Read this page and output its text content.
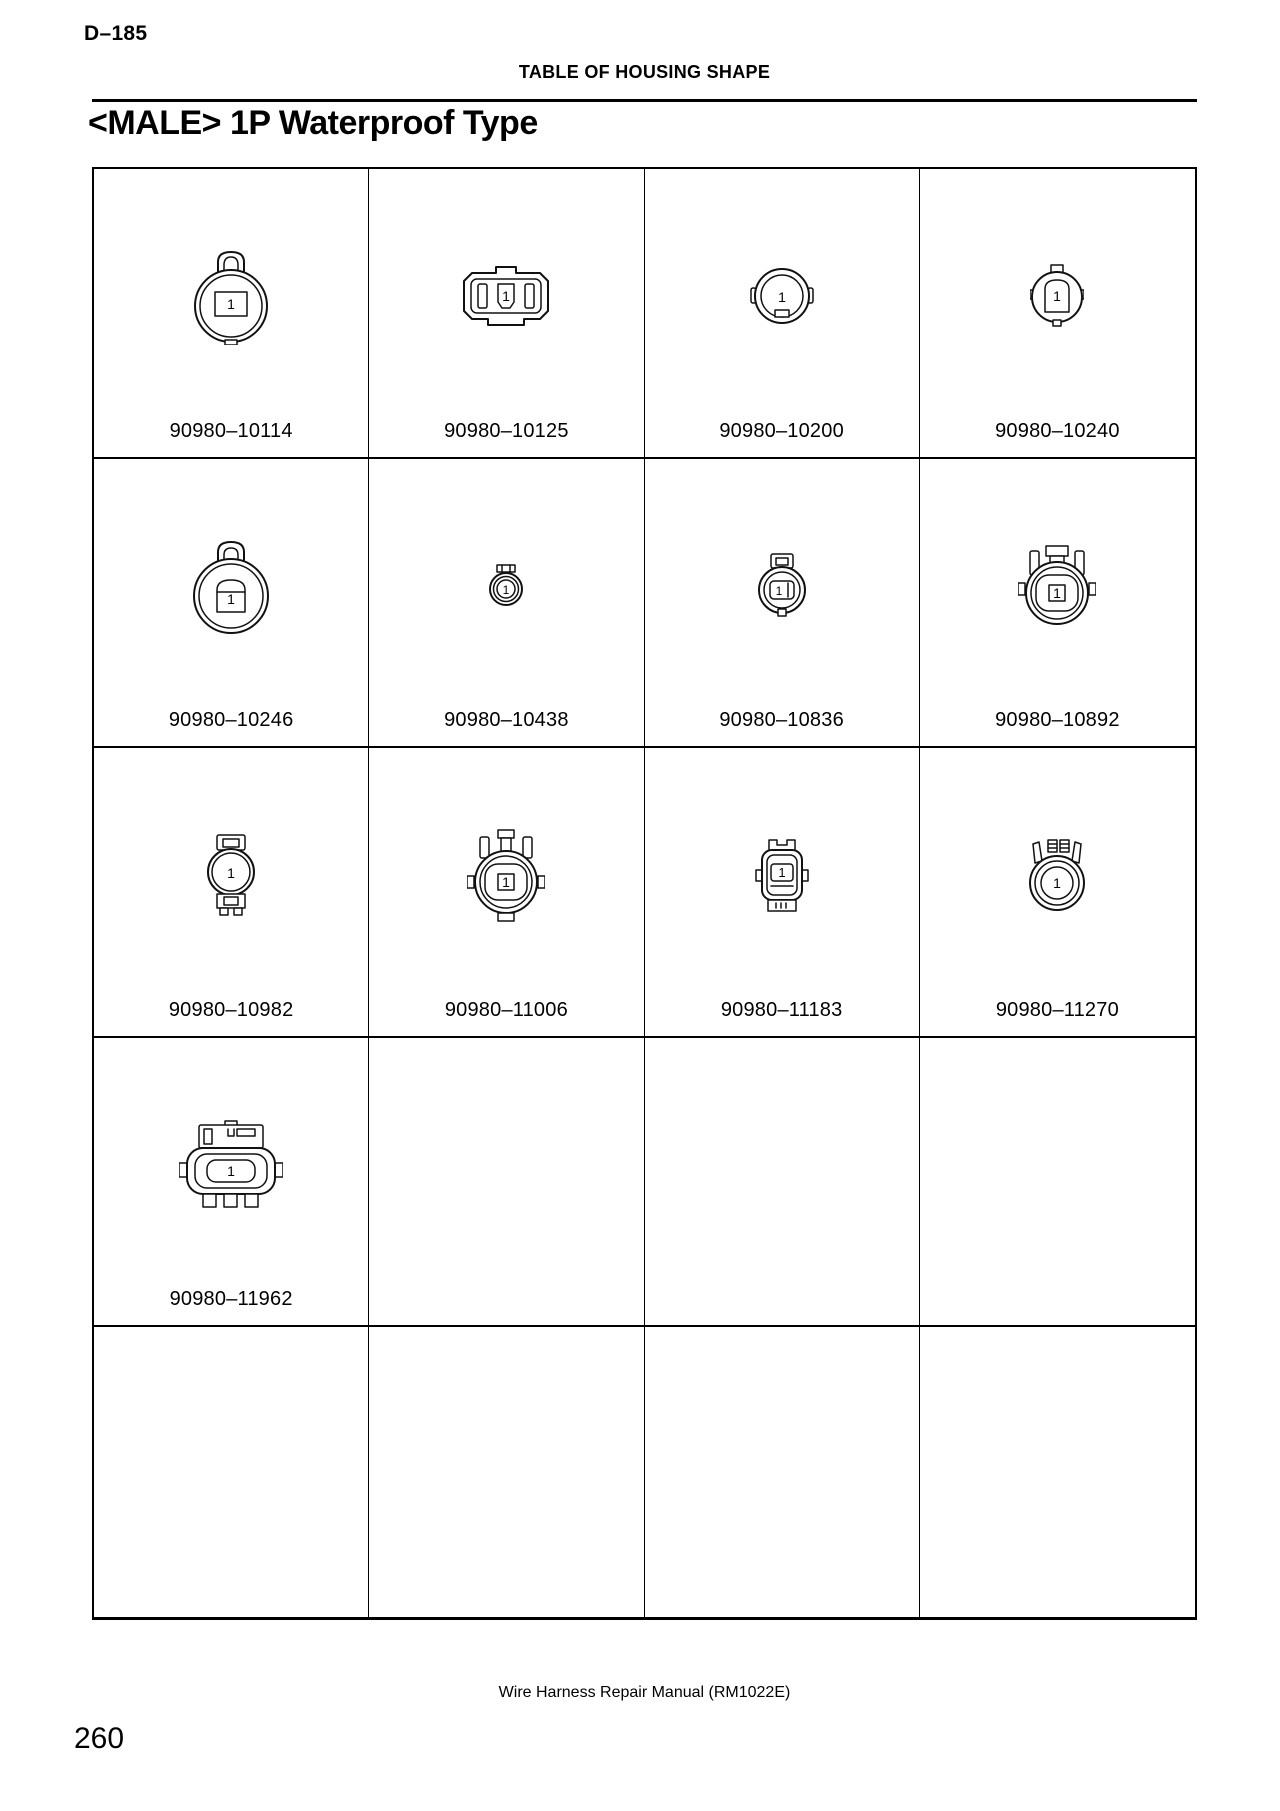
D–185
TABLE OF HOUSING SHAPE
<MALE> 1P Waterproof Type
1
90980–10114
1
90980–10125
1
90980–10200
1
90980–10240
1
90980–10246
1
90980–10438
1
90980–10836
1
90980–10892
1
90980–10982
1
90980–11006
1
90980–11183
1
90980–11270
1
90980–11962
Wire Harness Repair Manual (RM1022E)
260
